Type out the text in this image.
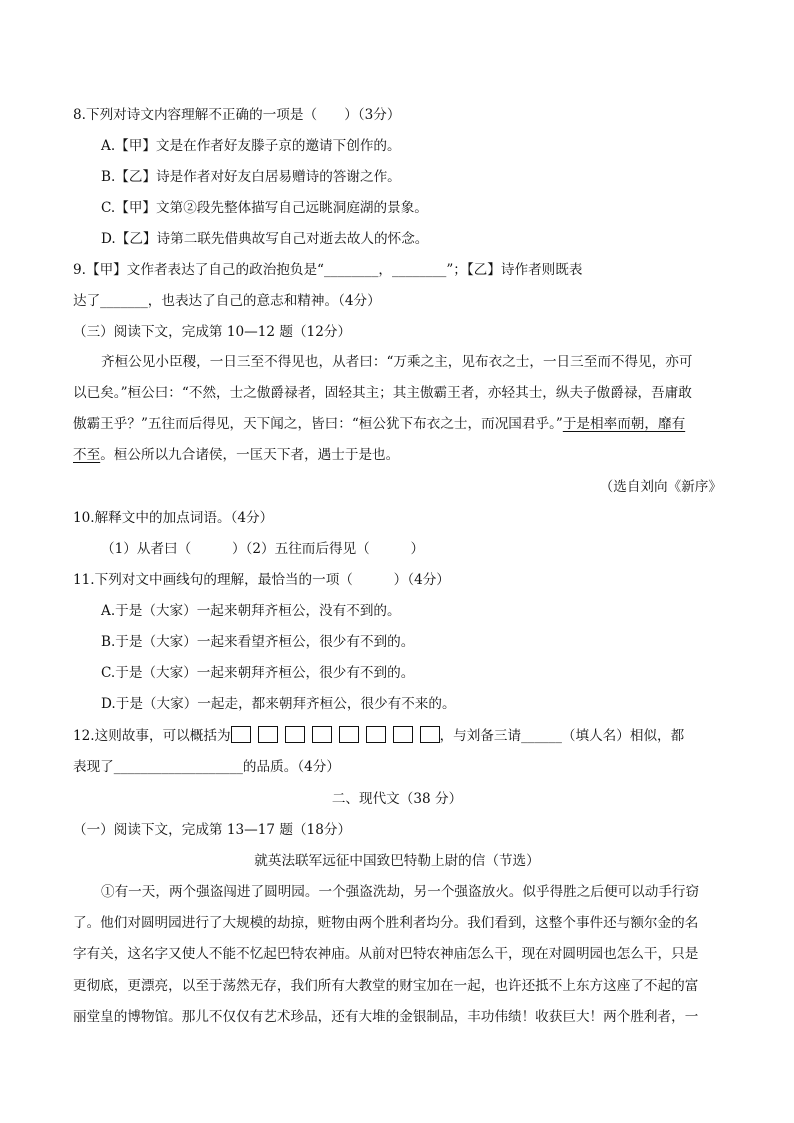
8.下列对诗文内容理解不正确的一项是（　　）（3分）
A.【甲】文是在作者好友滕子京的邀请下创作的。
B.【乙】诗是作者对好友白居易赠诗的答谢之作。
C.【甲】文第②段先整体描写自己远眺洞庭湖的景象。
D.【乙】诗第二联先借典故写自己对逝去故人的怀念。
9.【甲】文作者表达了自己的政治抱负是“________，________”；【乙】诗作者则既表
达了_______，也表达了自己的意志和精神。（4分）
（三）阅读下文，完成第 10—12 题（12分）
齐桓公见小臣稷，一日三至不得见也，从者曰：“万乘之主，见布衣之士，一日三至而不得见，亦可
以已矣。”桓公曰：“不然，士之傲爵禄者，固轻其主；其主傲霸王者，亦轻其士，纵夫子傲爵禄，吾庸敢
傲霸王乎？”五往而后得见，天下闻之，皆曰：“桓公犹下布衣之士，而况国君乎。”于是相率而朝，靡有
不至。桓公所以九合诸侯，一匡天下者，遇士于是也。
（选自刘向《新序》
10.解释文中的加点词语。（4分）
（1）从者曰（　　　）（2）五往而后得见（　　　）
11.下列对文中画线句的理解，最恰当的一项（　　　）（4分）
A.于是（大家）一起来朝拜齐桓公，没有不到的。
B.于是（大家）一起来看望齐桓公，很少有不到的。
C.于是（大家）一起来朝拜齐桓公，很少有不到的。
D.于是（大家）一起走，都来朝拜齐桓公，很少有不来的。
12.这则故事，可以概括为	，与刘备三请______（填人名）相似，都
表现了___________________的品质。（4分）
二、现代文（38 分）
（一）阅读下文，完成第 13—17 题（18分）
就英法联军远征中国致巴特勒上尉的信（节选）
①有一天，两个强盗闯进了圆明园。一个强盗洗劫，另一个强盗放火。似乎得胜之后便可以动手行窃
了。他们对圆明园进行了大规模的劫掠，赃物由两个胜利者均分。我们看到，这整个事件还与额尔金的名
字有关，这名字又使人不能不忆起巴特农神庙。从前对巴特农神庙怎么干，现在对圆明园也怎么干，只是
更彻底，更漂亮，以至于荡然无存，我们所有大教堂的财宝加在一起，也许还抵不上东方这座了不起的富
丽堂皇的博物馆。那儿不仅仅有艺术珍品，还有大堆的金银制品，丰功伟绩！收获巨大！两个胜利者，一
